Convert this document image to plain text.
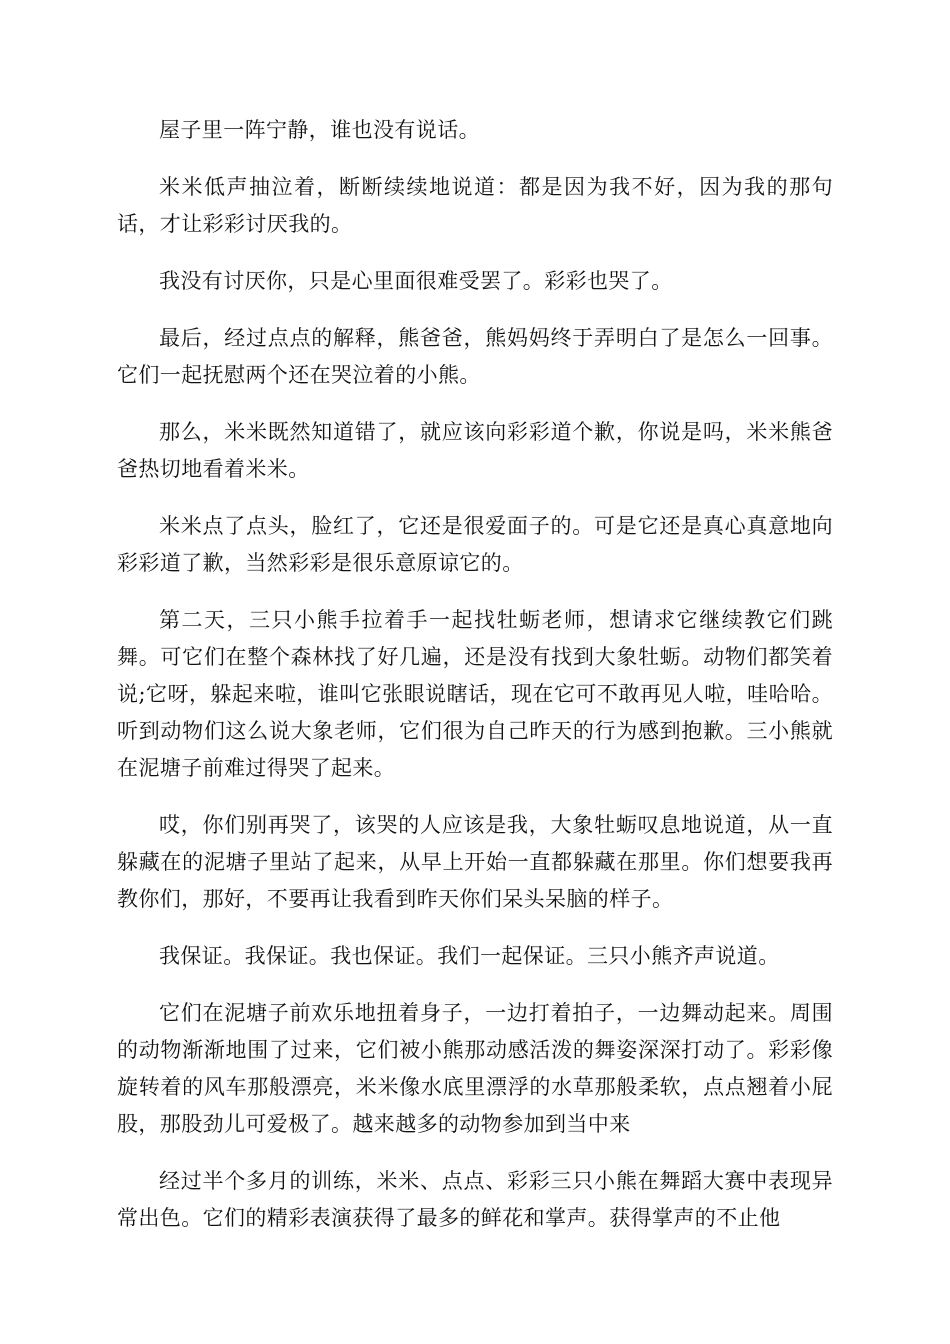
屋子里一阵宁静，谁也没有说话。

米米低声抽泣着，断断续续地说道：都是因为我不好，因为我的那句话，才让彩彩讨厌我的。

我没有讨厌你，只是心里面很难受罢了。彩彩也哭了。

最后，经过点点的解释，熊爸爸，熊妈妈终于弄明白了是怎么一回事。它们一起抚慰两个还在哭泣着的小熊。

那么，米米既然知道错了，就应该向彩彩道个歉，你说是吗，米米熊爸爸热切地看着米米。

米米点了点头，脸红了，它还是很爱面子的。可是它还是真心真意地向彩彩道了歉，当然彩彩是很乐意原谅它的。

第二天，三只小熊手拉着手一起找牡蛎老师，想请求它继续教它们跳舞。可它们在整个森林找了好几遍，还是没有找到大象牡蛎。动物们都笑着说;它呀，躲起来啦，谁叫它张眼说瞎话，现在它可不敢再见人啦，哇哈哈。听到动物们这么说大象老师，它们很为自己昨天的行为感到抱歉。三小熊就在泥塘子前难过得哭了起来。

哎，你们别再哭了，该哭的人应该是我，大象牡蛎叹息地说道，从一直躲藏在的泥塘子里站了起来，从早上开始一直都躲藏在那里。你们想要我再教你们，那好，不要再让我看到昨天你们呆头呆脑的样子。

我保证。我保证。我也保证。我们一起保证。三只小熊齐声说道。

它们在泥塘子前欢乐地扭着身子，一边打着拍子，一边舞动起来。周围的动物渐渐地围了过来，它们被小熊那动感活泼的舞姿深深打动了。彩彩像旋转着的风车那般漂亮，米米像水底里漂浮的水草那般柔软，点点翘着小屁股，那股劲儿可爱极了。越来越多的动物参加到当中来

经过半个多月的训练，米米、点点、彩彩三只小熊在舞蹈大赛中表现异常出色。它们的精彩表演获得了最多的鲜花和掌声。获得掌声的不止他
